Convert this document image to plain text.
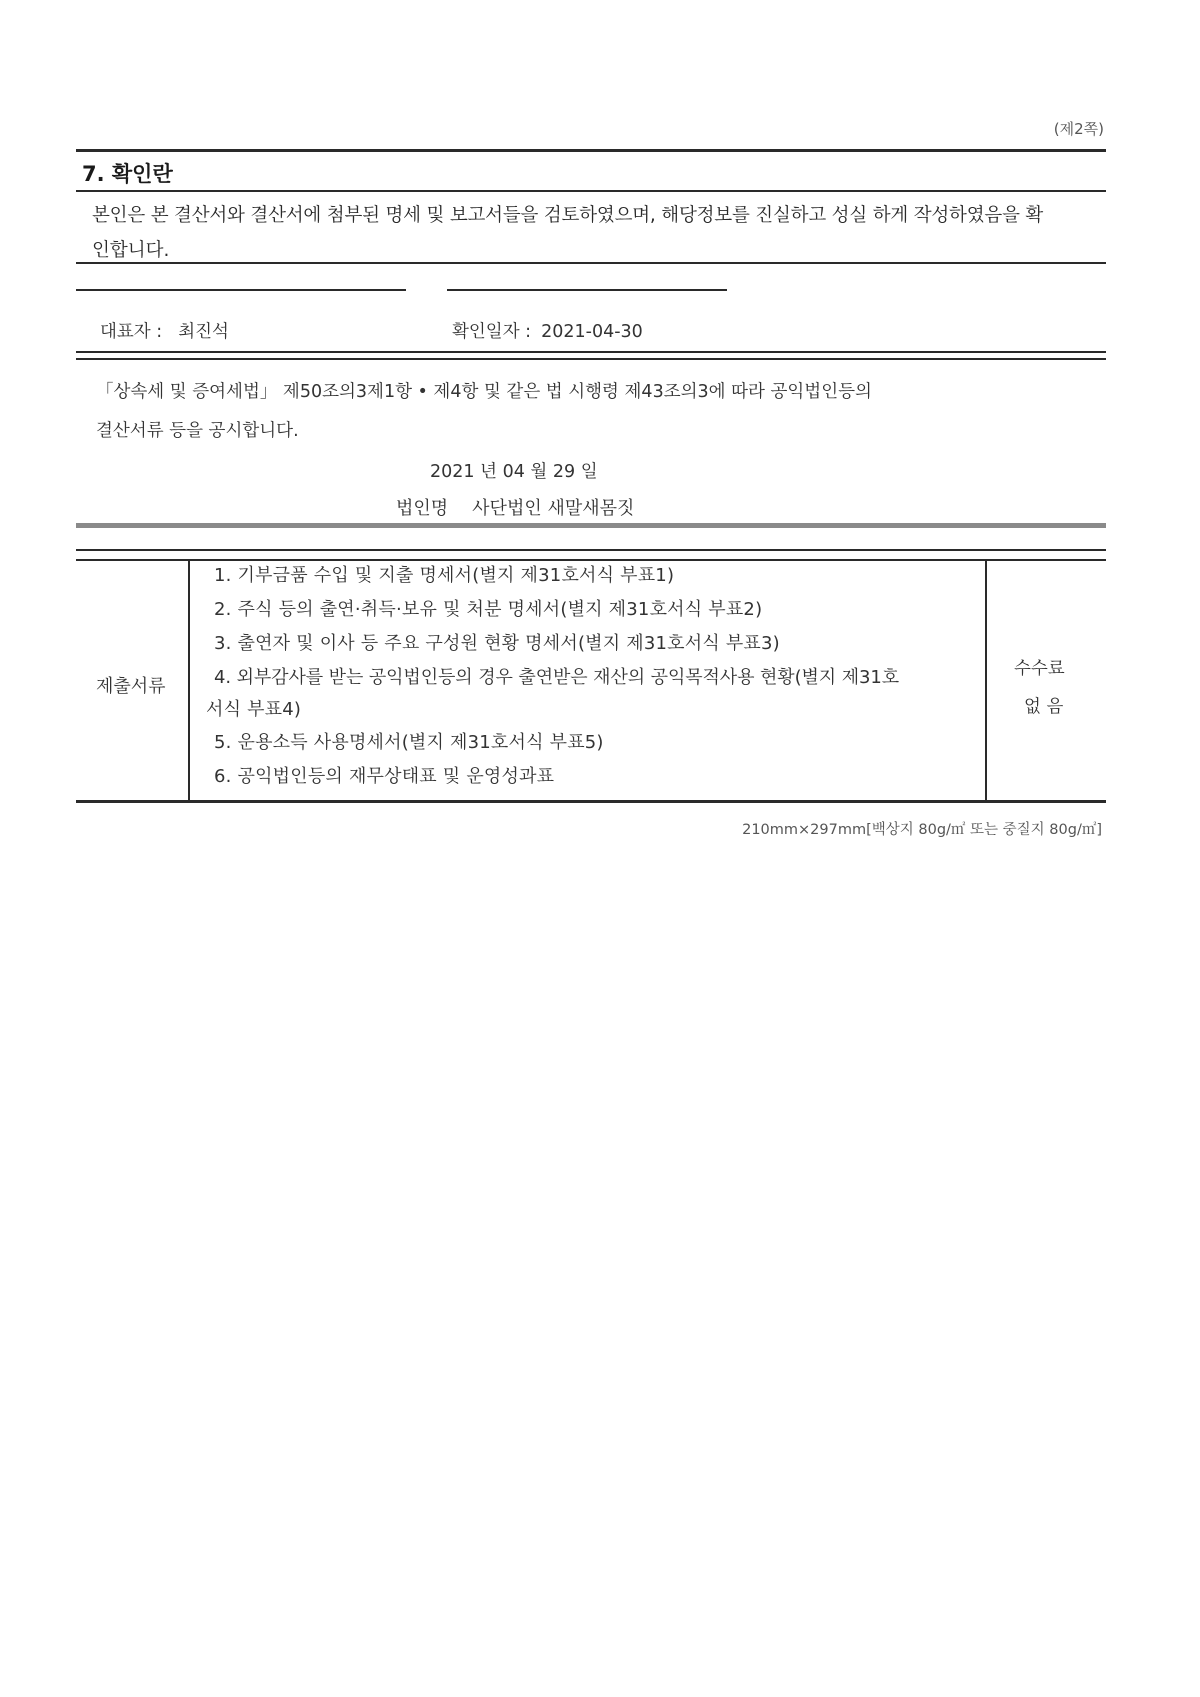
(제2쪽)
7. 확인란
본인은 본 결산서와 결산서에 첨부된 명세 및 보고서들을 검토하였으며, 해당정보를 진실하고 성실 하게 작성하였음을 확
인합니다.
대표자 : 최진석	확인일자 : 2021-04-30
「상속세 및 증여세법」 제50조의3제1항 • 제4항 및 같은 법 시행령 제43조의3에 따라 공익법인등의
결산서류 등을 공시합니다.
2021 년 04 월 29 일
법인명 사단법인 새말새몸짓
제출서류
1. 기부금품 수입 및 지출 명세서(별지 제31호서식 부표1)
2. 주식 등의 출연·취득·보유 및 처분 명세서(별지 제31호서식 부표2)
3. 출연자 및 이사 등 주요 구성원 현황 명세서(별지 제31호서식 부표3)
4. 외부감사를 받는 공익법인등의 경우 출연받은 재산의 공익목적사용 현황(별지 제31호
서식 부표4)
5. 운용소득 사용명세서(별지 제31호서식 부표5)
6. 공익법인등의 재무상태표 및 운영성과표
수수료
없 음
210mm×297mm[백상지 80g/㎡ 또는 중질지 80g/㎡]
